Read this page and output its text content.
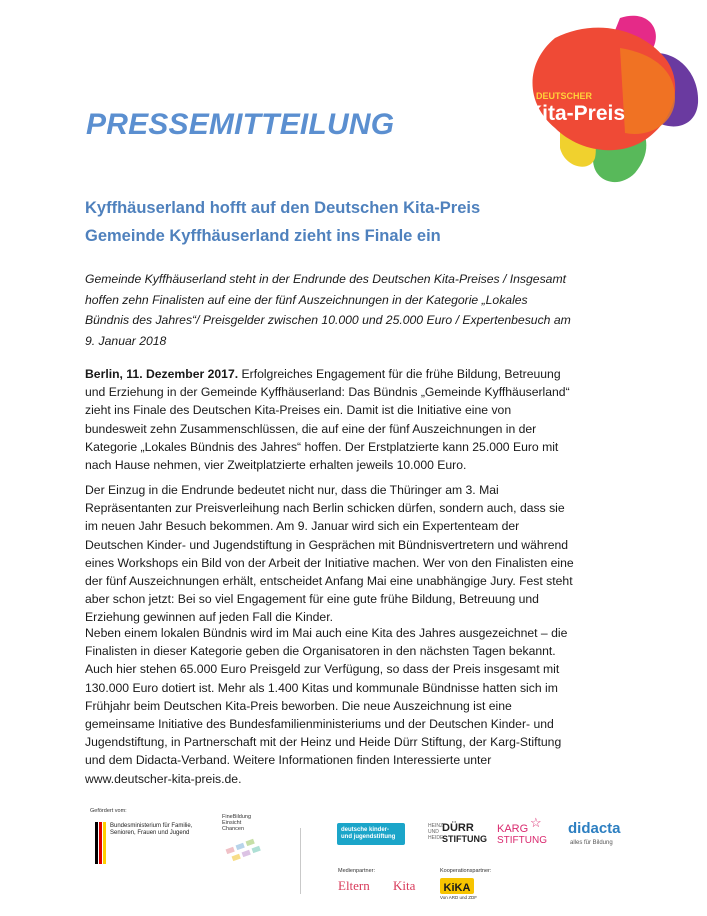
PRESSEMITTEILUNG
DEUTSCHER
Kita-Preis
Kyffhäuserland hofft auf den Deutschen Kita-Preis
Gemeinde Kyffhäuserland zieht ins Finale ein

Gemeinde Kyffhäuserland steht in der Endrunde des Deutschen Kita-Preises / Insgesamt hoffen zehn Finalisten auf eine der fünf Auszeichnungen in der Kategorie „Lokales Bündnis des Jahres“/ Preisgelder zwischen 10.000 und 25.000 Euro / Expertenbesuch am 9. Januar 2018

Berlin, 11. Dezember 2017. Erfolgreiches Engagement für die frühe Bildung, Betreuung und Erziehung in der Gemeinde Kyffhäuserland: Das Bündnis „Gemeinde Kyffhäuserland“ zieht ins Finale des Deutschen Kita-Preises ein. Damit ist die Initiative eine von bundesweit zehn Zusammenschlüssen, die auf eine der fünf Auszeichnungen in der Kategorie „Lokales Bündnis des Jahres“ hoffen. Der Erstplatzierte kann 25.000 Euro mit nach Hause nehmen, vier Zweitplatzierte erhalten jeweils 10.000 Euro.

Der Einzug in die Endrunde bedeutet nicht nur, dass die Thüringer am 3. Mai Repräsentanten zur Preisverleihung nach Berlin schicken dürfen, sondern auch, dass sie im neuen Jahr Besuch bekommen. Am 9. Januar wird sich ein Expertenteam der Deutschen Kinder- und Jugendstiftung in Gesprächen mit Bündnisvertretern und während eines Workshops ein Bild von der Arbeit der Initiative machen. Wer von den Finalisten eine der fünf Auszeichnungen erhält, entscheidet Anfang Mai eine unabhängige Jury. Fest steht aber schon jetzt: Bei so viel Engagement für eine gute frühe Bildung, Betreuung und Erziehung gewinnen auf jeden Fall die Kinder.

Neben einem lokalen Bündnis wird im Mai auch eine Kita des Jahres ausgezeichnet – die Finalisten in dieser Kategorie geben die Organisatoren in den nächsten Tagen bekannt. Auch hier stehen 65.000 Euro Preisgeld zur Verfügung, so dass der Preis insgesamt mit 130.000 Euro dotiert ist. Mehr als 1.400 Kitas und kommunale Bündnisse hatten sich im Frühjahr beim Deutschen Kita-Preis beworben. Die neue Auszeichnung ist eine gemeinsame Initiative des Bundesfamilienministeriums und der Deutschen Kinder- und Jugendstiftung, in Partnerschaft mit der Heinz und Heide Dürr Stiftung, der Karg-Stiftung und dem Didacta-Verband. Weitere Informationen finden Interessierte unter www.deutscher-kita-preis.de.

Gefördert vom:
Bundesministerium für Familie, Senioren, Frauen und Jugend
FineBildung Einsicht Chancen	deutsche kinder- und jugendstiftung
HEINZ UND HEIDE
DÜRR
STIFTUNG
KARG ☆
STIFTUNG
didacta
alles für Bildung
Medienpartner:	Kooperationspartner:
Eltern Kita	KiKA
Von ARD und ZDF
